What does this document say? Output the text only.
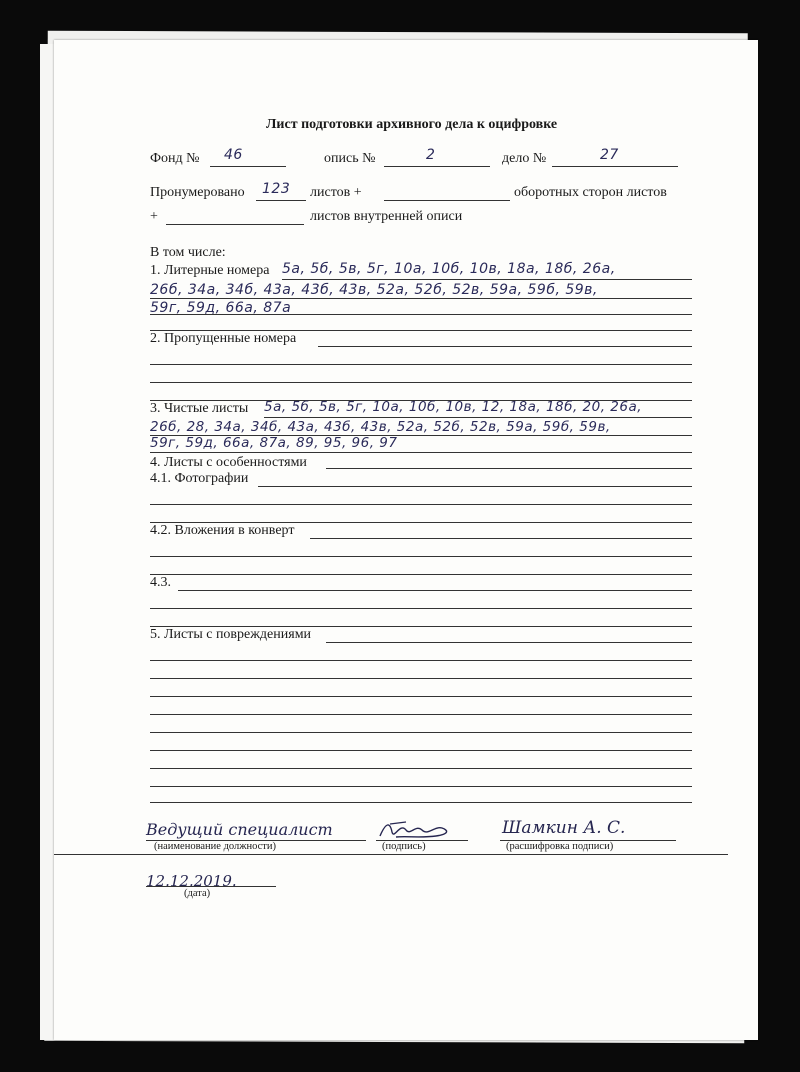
Лист подготовки архивного дела к оцифровке
Фонд № 46	опись №	2	дело №	27
Пронумеровано 123 листов +	оборотных сторон листов
+	листов внутренней описи
В том числе:
1. Литерные номера 5а, 5б, 5в, 5г, 10а, 10б, 10в, 18а, 18б, 26а,
26б, 34а, 34б, 43а, 43б, 43в, 52а, 52б, 52в, 59а, 59б, 59в,
59г, 59д, 66а, 87а
2. Пропущенные номера
3. Чистые листы 5а, 5б, 5в, 5г, 10а, 10б, 10в, 12, 18а, 18б, 20, 26а,
26б, 28, 34а, 34б, 43а, 43б, 43в, 52а, 52б, 52в, 59а, 59б, 59в,
59г, 59д, 66а, 87а, 89, 95, 96, 97
4. Листы с особенностями
4.1. Фотографии
4.2. Вложения в конверт
4.3.
5. Листы с повреждениями
Ведущий специалист
(наименование должности)	(подпись)
Шамкин А. С.
(расшифровка подписи)
12.12.2019.
(дата)
